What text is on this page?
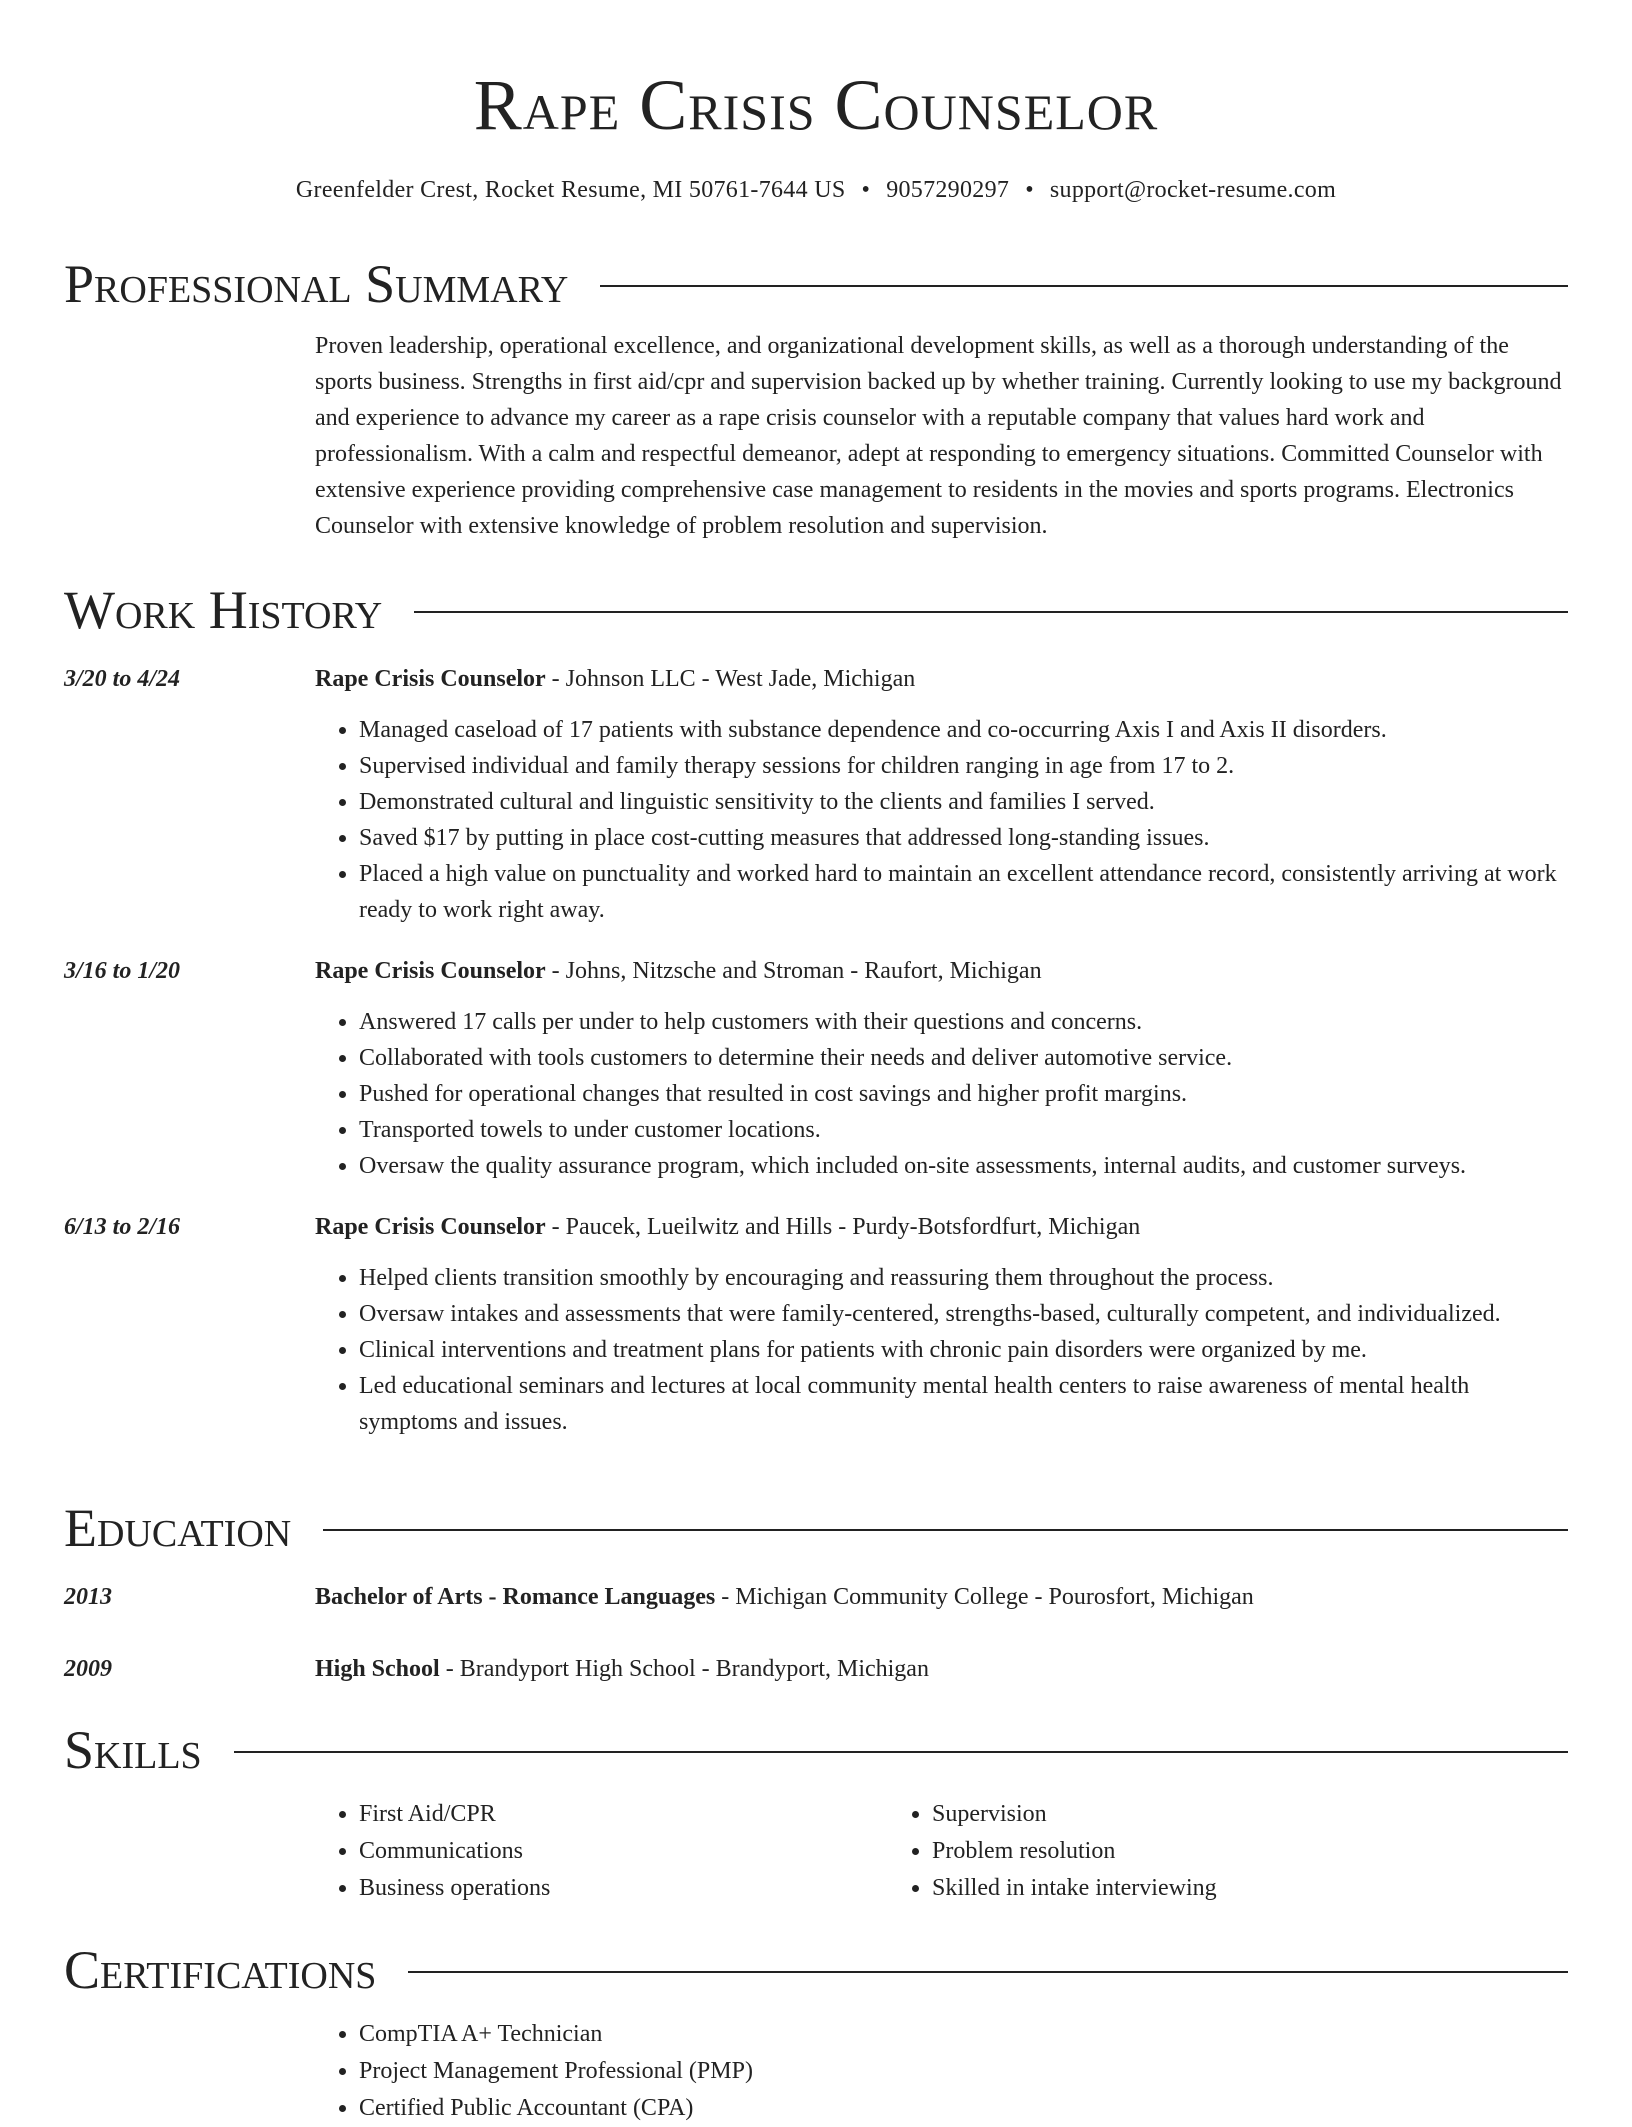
Rape Crisis Counselor
Greenfelder Crest, Rocket Resume, MI 50761-7644 US • 9057290297 • support@rocket-resume.com
Professional Summary
Proven leadership, operational excellence, and organizational development skills, as well as a thorough understanding of the sports business. Strengths in first aid/cpr and supervision backed up by whether training. Currently looking to use my background and experience to advance my career as a rape crisis counselor with a reputable company that values hard work and professionalism. With a calm and respectful demeanor, adept at responding to emergency situations. Committed Counselor with extensive experience providing comprehensive case management to residents in the movies and sports programs. Electronics Counselor with extensive knowledge of problem resolution and supervision.
Work History
3/20 to 4/24	Rape Crisis Counselor - Johnson LLC - West Jade, Michigan
• Managed caseload of 17 patients with substance dependence and co-occurring Axis I and Axis II disorders.
• Supervised individual and family therapy sessions for children ranging in age from 17 to 2.
• Demonstrated cultural and linguistic sensitivity to the clients and families I served.
• Saved $17 by putting in place cost-cutting measures that addressed long-standing issues.
• Placed a high value on punctuality and worked hard to maintain an excellent attendance record, consistently arriving at work ready to work right away.
3/16 to 1/20	Rape Crisis Counselor - Johns, Nitzsche and Stroman - Raufort, Michigan
• Answered 17 calls per under to help customers with their questions and concerns.
• Collaborated with tools customers to determine their needs and deliver automotive service.
• Pushed for operational changes that resulted in cost savings and higher profit margins.
• Transported towels to under customer locations.
• Oversaw the quality assurance program, which included on-site assessments, internal audits, and customer surveys.
6/13 to 2/16	Rape Crisis Counselor - Paucek, Lueilwitz and Hills - Purdy-Botsfordfurt, Michigan
• Helped clients transition smoothly by encouraging and reassuring them throughout the process.
• Oversaw intakes and assessments that were family-centered, strengths-based, culturally competent, and individualized.
• Clinical interventions and treatment plans for patients with chronic pain disorders were organized by me.
• Led educational seminars and lectures at local community mental health centers to raise awareness of mental health symptoms and issues.
Education
2013	Bachelor of Arts - Romance Languages - Michigan Community College - Pourosfort, Michigan
2009	High School - Brandyport High School - Brandyport, Michigan
Skills
• First Aid/CPR
• Communications
• Business operations
• Supervision
• Problem resolution
• Skilled in intake interviewing
Certifications
• CompTIA A+ Technician
• Project Management Professional (PMP)
• Certified Public Accountant (CPA)
